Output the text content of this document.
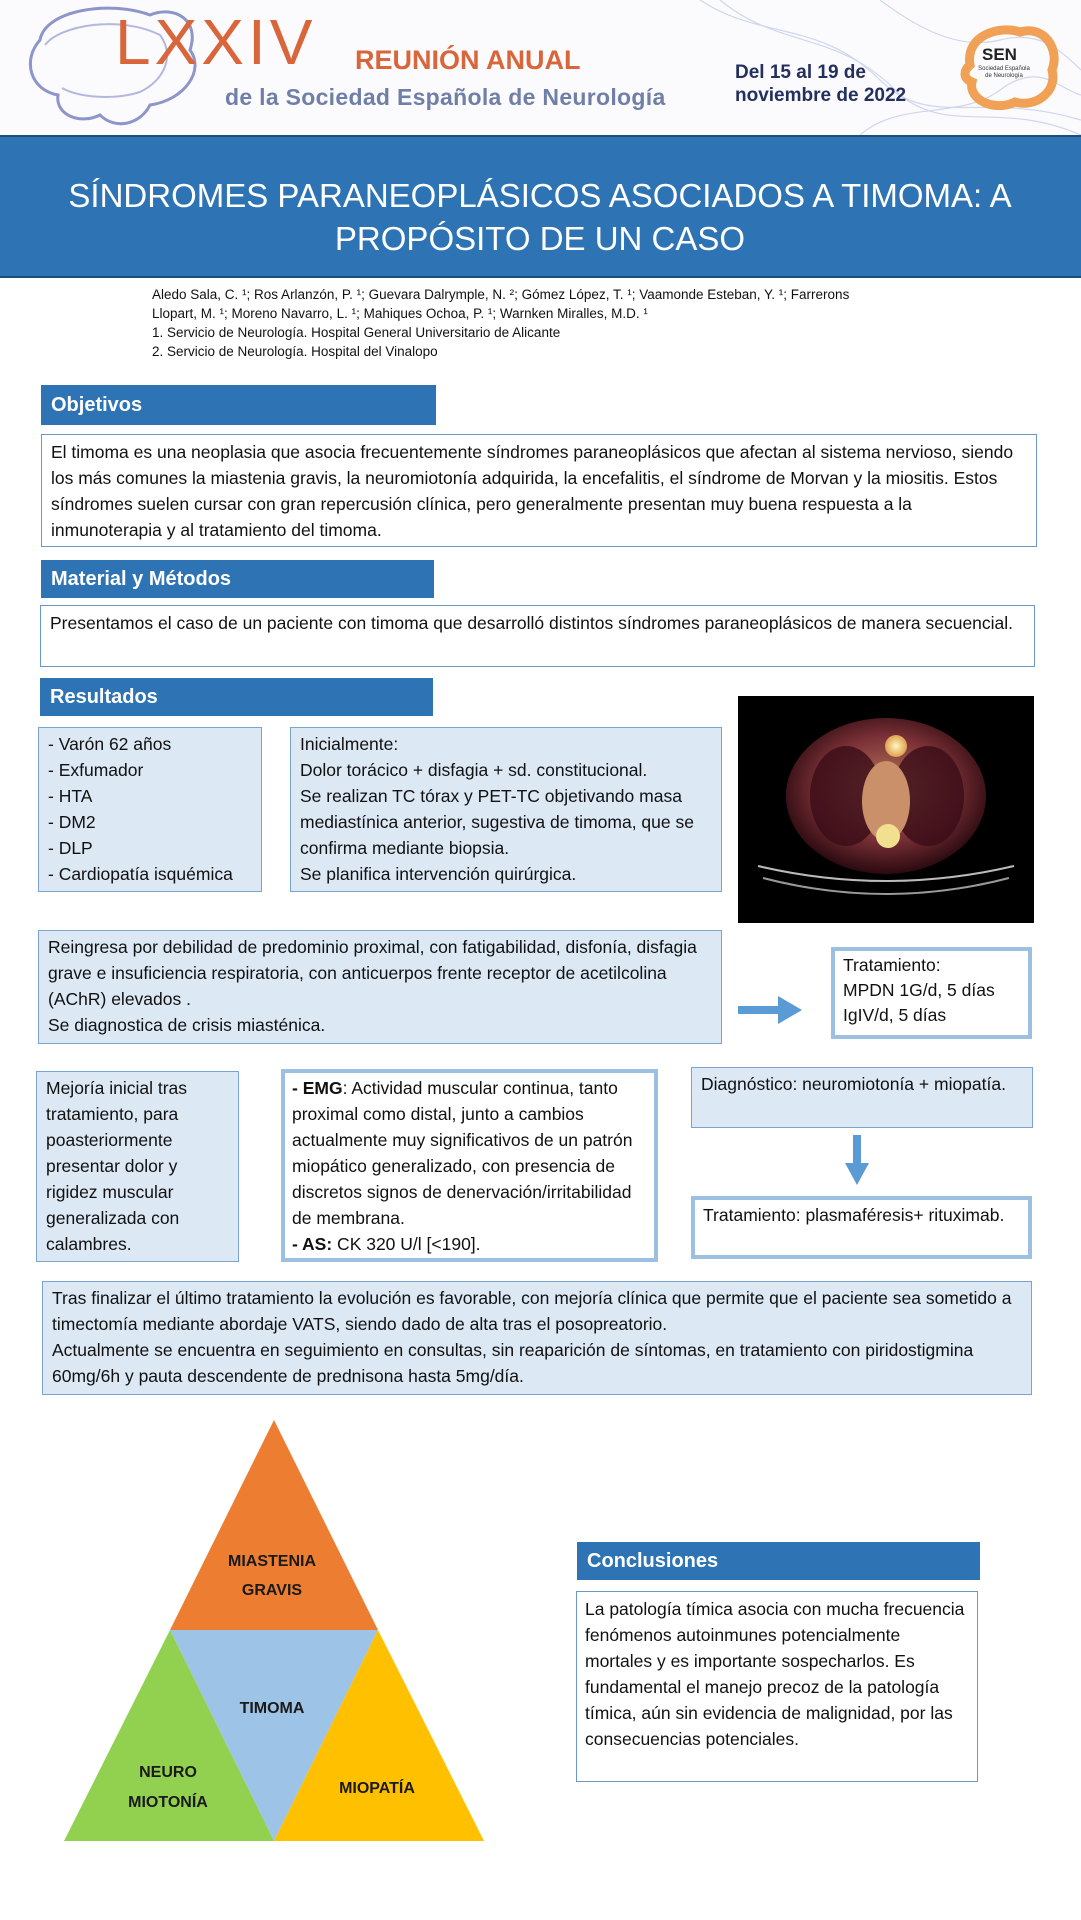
LXXIV REUNIÓN ANUAL
de la Sociedad Española de Neurología
Del 15 al 19 de
noviembre de 2022
SEN
Sociedad Española de Neurología
SÍNDROMES PARANEOPLÁSICOS ASOCIADOS A TIMOMA: A
PROPÓSITO DE UN CASO
Aledo Sala, C. ¹; Ros Arlanzón, P. ¹; Guevara Dalrymple, N. ²; Gómez López, T. ¹; Vaamonde Esteban, Y. ¹; Farrerons
Llopart, M. ¹; Moreno Navarro, L. ¹; Mahiques Ochoa, P. ¹; Warnken Miralles, M.D. ¹
1. Servicio de Neurología. Hospital General Universitario de Alicante
2. Servicio de Neurología. Hospital del Vinalopo
Objetivos
El timoma es una neoplasia que asocia frecuentemente síndromes paraneoplásicos que afectan al sistema nervioso, siendo los más comunes la miastenia gravis, la neuromiotonía adquirida, la encefalitis, el síndrome de Morvan y la miositis. Estos síndromes suelen cursar con gran repercusión clínica, pero generalmente presentan muy buena respuesta a la inmunoterapia y al tratamiento del timoma.
Material y Métodos
Presentamos el caso de un paciente con timoma que desarrolló distintos síndromes paraneoplásicos de manera secuencial.
Resultados
- Varón 62 años
- Exfumador
- HTA
- DM2
- DLP
- Cardiopatía isquémica
Inicialmente:
Dolor torácico + disfagia + sd. constitucional.
Se realizan TC tórax y PET-TC objetivando masa mediastínica anterior, sugestiva de timoma, que se confirma mediante biopsia.
Se planifica intervención quirúrgica.
Reingresa por debilidad de predominio proximal, con fatigabilidad, disfonía, disfagia grave e insuficiencia respiratoria, con anticuerpos frente receptor de acetilcolina (AChR) elevados .
Se diagnostica de crisis miasténica.
Tratamiento:
MPDN 1G/d, 5 días
IgIV/d, 5 días
Mejoría inicial tras tratamiento, para poasteriormente presentar dolor y rigidez muscular generalizada con calambres.
- EMG: Actividad muscular continua, tanto proximal como distal, junto a cambios actualmente muy significativos de un patrón miopático generalizado, con presencia de discretos signos de denervación/irritabilidad de membrana.
- AS: CK 320 U/l [<190].
Diagnóstico: neuromiotonía + miopatía.
Tratamiento: plasmaféresis+ rituximab.
Tras finalizar el último tratamiento la evolución es favorable, con mejoría clínica que permite que el paciente sea sometido a timectomía mediante abordaje VATS, siendo dado de alta tras el posopreatorio.
Actualmente se encuentra en seguimiento en consultas, sin reaparición de síntomas, en tratamiento con piridostigmina 60mg/6h y pauta descendente de prednisona hasta 5mg/día.
MIASTENIA
GRAVIS
TIMOMA
NEURO
MIOTONÍA
MIOPATÍA
Conclusiones
La patología tímica asocia con mucha frecuencia fenómenos autoinmunes potencialmente mortales y es importante sospecharlos. Es fundamental el manejo precoz de la patología tímica, aún sin evidencia de malignidad, por las consecuencias potenciales.
